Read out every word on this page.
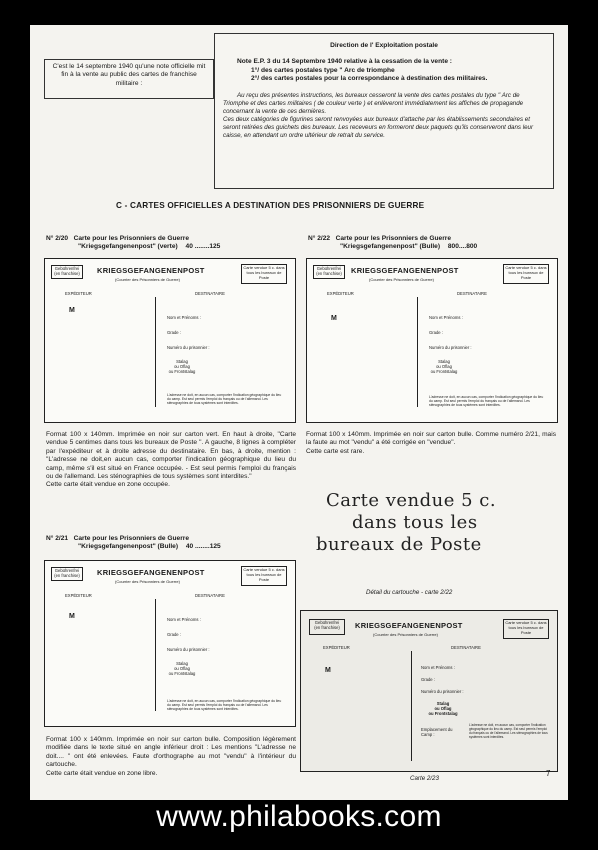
C'est le 14 septembre 1940 qu'une note officielle mit fin à la vente au public des cartes de franchise militaire :
Direction de l' Exploitation postale
Note E.P. 3 du 14 Septembre 1940 relative à la cessation de la vente :
1°/ des cartes postales type " Arc de triomphe
2°/ des cartes postales pour la correspondance à destination des militaires.
Au reçu des présentes instructions, les bureaux cesseront la vente des cartes postales du type " Arc de Triomphe et des cartes militaires ( de couleur verte ) et enlèveront immédiatement les affiches de propagande concernant la vente de ces dernières.
Ces deux catégories de figurines seront renvoyées aux bureaux d'attache par les établissements secondaires et seront retirées des guichets des bureaux. Les receveurs en formeront deux paquets qu'ils conserveront dans leur caisse, en attendant un ordre ultérieur de retrait du service.
C - CARTES OFFICIELLES A DESTINATION DES PRISONNIERS DE GUERRE
N° 2/20 Carte pour les Prisonniers de Guerre
"Kriegsgefangenenpost" (verte) 40 ........125
N° 2/22 Carte pour les Prisonniers de Guerre
"Kriegsgefangenenpost" (Bulle) 800....800
Gebührenfrei
(en franchise) KRIEGSGEFANGENENPOST
(Courrier des Prisonniers de Guerre)
Carte vendue 5 c. dans tous les bureaux de Poste
EXPÉDITEUR	DESTINATAIRE
M
Nom et Prénoms :
Grade :
Numéro du prisonnier :
Stalag
ou Oflag
ou Frontstalag
L'adresse ne doit, en aucun cas, comporter l'indication géographique du lieu du camp. Est seul permis l'emploi du français ou de l'allemand. Les sténographies de tous systèmes sont interdites.
Gebührenfrei
(en franchise) KRIEGSGEFANGENENPOST
(Courrier des Prisonniers de Guerre)
Carte vendue 5 c. dans tous les bureaux de Poste
EXPÉDITEUR	DESTINATAIRE
M	Nom et Prénoms :
Grade :
Numéro du prisonnier :
Stalag
ou Oflag
ou Frontstalag
L'adresse ne doit, en aucun cas, comporter l'indication géographique du lieu du camp. Est seul permis l'emploi du français ou de l'allemand. Les sténographies de tous systèmes sont interdites.
Format 100 x 140mm. Imprimée en noir sur carton vert. En haut à droite, "Carte vendue 5 centimes dans tous les bureaux de Poste ". A gauche, 8 lignes à compléter par l'expéditeur et à droite adresse du destinataire. En bas, à droite, mention : "L'adresse ne doit,en aucun cas, comporter l'indication géographique du lieu du camp, même s'il est situé en France occupée. - Est seul permis l'emploi du français ou de l'allemand. Les sténographies de tous systèmes sont interdites."
Cette carte était vendue en zone occupée.
Format 100 x 140mm. Imprimée en noir sur carton bulle. Comme numéro 2/21, mais la faute au mot "vendu" a été corrigée en "vendue".
Cette carte est rare.
Carte vendue 5 c.
dans tous les
bureaux de Poste
Détail du cartouche - carte 2/22
N° 2/21 Carte pour les Prisonniers de Guerre
"Kriegsgefangenenpost" (Bulle) 40 ........125
Gebührenfrei
(en franchise) KRIEGSGEFANGENENPOST
(Courrier des Prisonniers de Guerre)
Carte vendue 5 c. dans tous les bureaux de Poste
EXPÉDITEUR	DESTINATAIRE
M	Nom et Prénoms :
Grade :
Numéro du prisonnier :
Stalag
ou Oflag
ou Frontstalag
L'adresse ne doit, en aucun cas, comporter l'indication géographique du lieu du camp. Est seul permis l'emploi du français ou de l'allemand. Les sténographies de tous systèmes sont interdites.
Format 100 x 140mm. Imprimée en noir sur carton bulle. Composition légèrement modifiée dans le texte situé en angle inférieur droit : Les mentions "L'adresse ne doit.... " ont été enlevées. Faute d'orthographe au mot "vendu" à l'intérieur du cartouche.
Cette carte était vendue en zone libre.
Gebührenfrei
(en franchise)	KRIEGSGEFANGENENPOST
(Courrier des Prisonniers de Guerre)
Carte vendue 5 c. dans tous les bureaux de Poste
EXPÉDITEUR	DESTINATAIRE
M	Nom et Prénoms :
Grade :
Numéro du prisonnier :
Stalag
ou Oflag
ou Frontstalag
Emplacement du Camp :
L'adresse ne doit, en aucun cas, comporter l'indication géographique du lieu du camp. Est seul permis l'emploi du français ou de l'allemand. Les sténographies de tous systèmes sont interdites.
Carte 2/23
7
www.philabooks.com
